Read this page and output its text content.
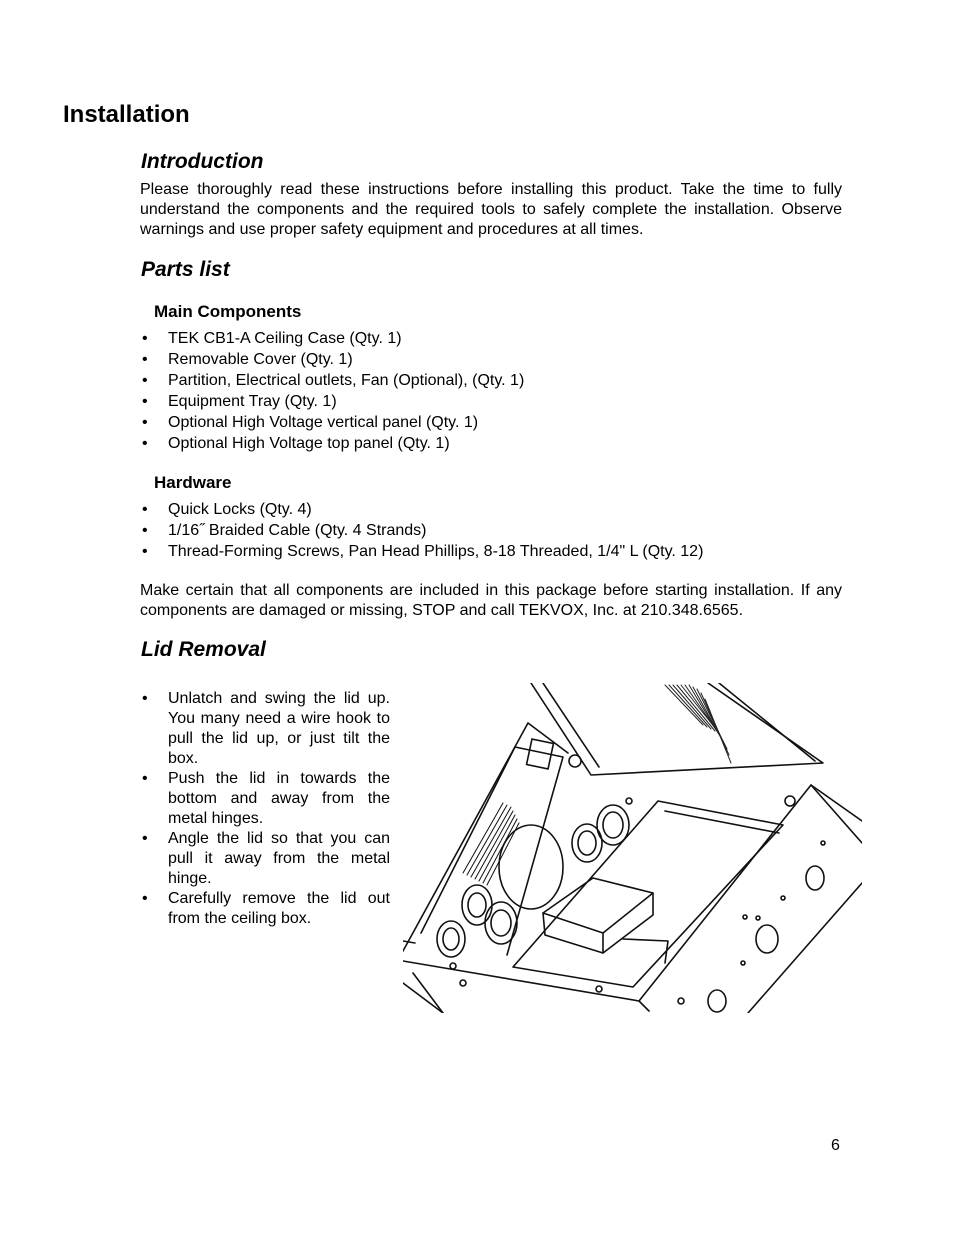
Installation
Introduction

Please thoroughly read these instructions before installing this product. Take the time to fully understand the components and the required tools to safely complete the installation. Observe warnings and use proper safety equipment and procedures at all times.

Parts list
Main Components
• TEK CB1-A Ceiling Case (Qty. 1)
• Removable Cover (Qty. 1)
• Partition, Electrical outlets, Fan (Optional), (Qty. 1)
• Equipment Tray (Qty. 1)
• Optional High Voltage vertical panel (Qty. 1)
• Optional High Voltage top panel (Qty. 1)
Hardware
• Quick Locks (Qty. 4)
• 1/16˝ Braided Cable (Qty. 4 Strands)
• Thread-Forming Screws, Pan Head Phillips, 8-18 Threaded, 1/4" L (Qty. 12)

Make certain that all components are included in this package before starting installation. If any components are damaged or missing, STOP and call TEKVOX, Inc. at 210.348.6565.

Lid Removal
• Unlatch and swing the lid up. You many need a wire hook to pull the lid up, or just tilt the box.
• Push the lid in towards the bottom and away from the metal hinges.
• Angle the lid so that you can pull it away from the metal hinge.
• Carefully remove the lid out from the ceiling box.
6
